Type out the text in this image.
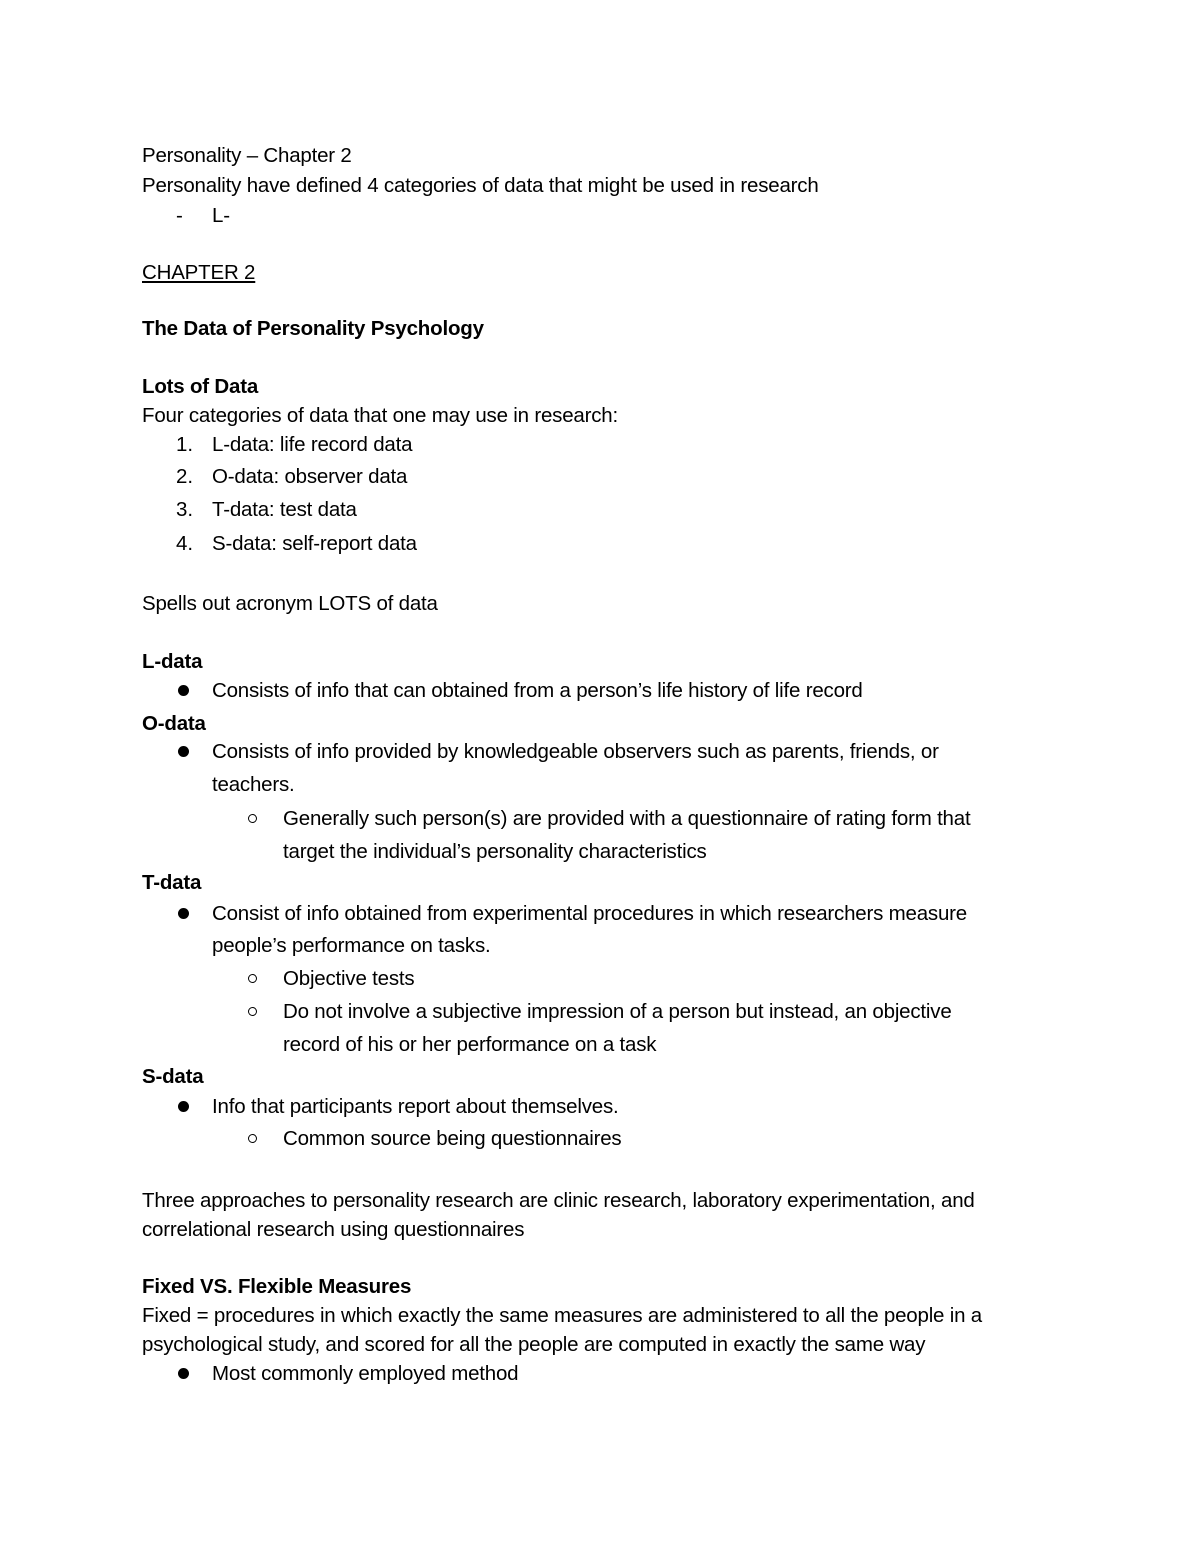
Personality – Chapter 2
Personality have defined 4 categories of data that might be used in research
- L-
CHAPTER 2
The Data of Personality Psychology
Lots of Data
Four categories of data that one may use in research:
1. L-data: life record data
2. O-data: observer data
3. T-data: test data
4. S-data: self-report data
Spells out acronym LOTS of data
L-data
Consists of info that can obtained from a person’s life history of life record
O-data
Consists of info provided by knowledgeable observers such as parents, friends, or
teachers.
Generally such person(s) are provided with a questionnaire of rating form that
target the individual’s personality characteristics
T-data
Consist of info obtained from experimental procedures in which researchers measure
people’s performance on tasks.
Objective tests
Do not involve a subjective impression of a person but instead, an objective
record of his or her performance on a task
S-data
Info that participants report about themselves.
Common source being questionnaires
Three approaches to personality research are clinic research, laboratory experimentation, and
correlational research using questionnaires
Fixed VS. Flexible Measures
Fixed = procedures in which exactly the same measures are administered to all the people in a
psychological study, and scored for all the people are computed in exactly the same way
Most commonly employed method
